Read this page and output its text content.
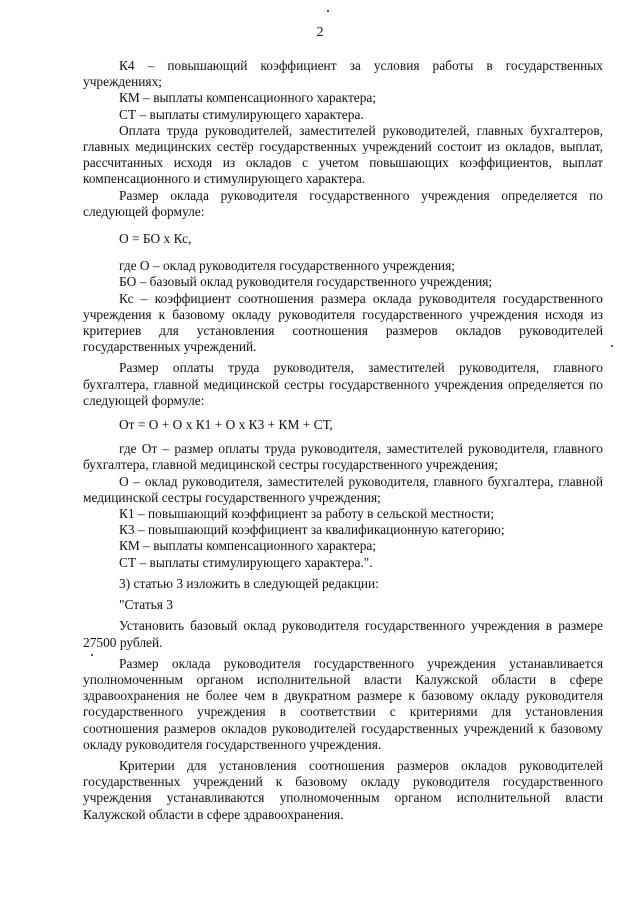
2

К4 – повышающий коэффициент за условия работы в государственных учреждениях;

КМ – выплаты компенсационного характера;

СТ – выплаты стимулирующего характера.

Оплата труда руководителей, заместителей руководителей, главных бухгалтеров, главных медицинских сестёр государственных учреждений состоит из окладов, выплат, рассчитанных исходя из окладов с учетом повышающих коэффициентов, выплат компенсационного и стимулирующего характера.

Размер оклада руководителя государственного учреждения определяется по следующей формуле:

О = БО х Кс,

где О – оклад руководителя государственного учреждения;

БО – базовый оклад руководителя государственного учреждения;

Кс – коэффициент соотношения размера оклада руководителя государственного учреждения к базовому окладу руководителя государственного учреждения исходя из критериев для установления соотношения размеров окладов руководителей государственных учреждений.

Размер оплаты труда руководителя, заместителей руководителя, главного бухгалтера, главной медицинской сестры государственного учреждения определяется по следующей формуле:

От = О + О х К1 + О х К3 + КМ + СТ,

где От – размер оплаты труда руководителя, заместителей руководителя, главного бухгалтера, главной медицинской сестры государственного учреждения;

О – оклад руководителя, заместителей руководителя, главного бухгалтера, главной медицинской сестры государственного учреждения;

К1 – повышающий коэффициент за работу в сельской местности;

К3 – повышающий коэффициент за квалификационную категорию;

КМ – выплаты компенсационного характера;

СТ – выплаты стимулирующего характера.".

3) статью 3 изложить в следующей редакции:

"Статья 3

Установить базовый оклад руководителя государственного учреждения в размере 27500 рублей.

Размер оклада руководителя государственного учреждения устанавливается уполномоченным органом исполнительной власти Калужской области в сфере здравоохранения не более чем в двукратном размере к базовому окладу руководителя государственного учреждения в соответствии с критериями для установления соотношения размеров окладов руководителей государственных учреждений к базовому окладу руководителя государственного учреждения.

Критерии для установления соотношения размеров окладов руководителей государственных учреждений к базовому окладу руководителя государственного учреждения устанавливаются уполномоченным органом исполнительной власти Калужской области в сфере здравоохранения.
